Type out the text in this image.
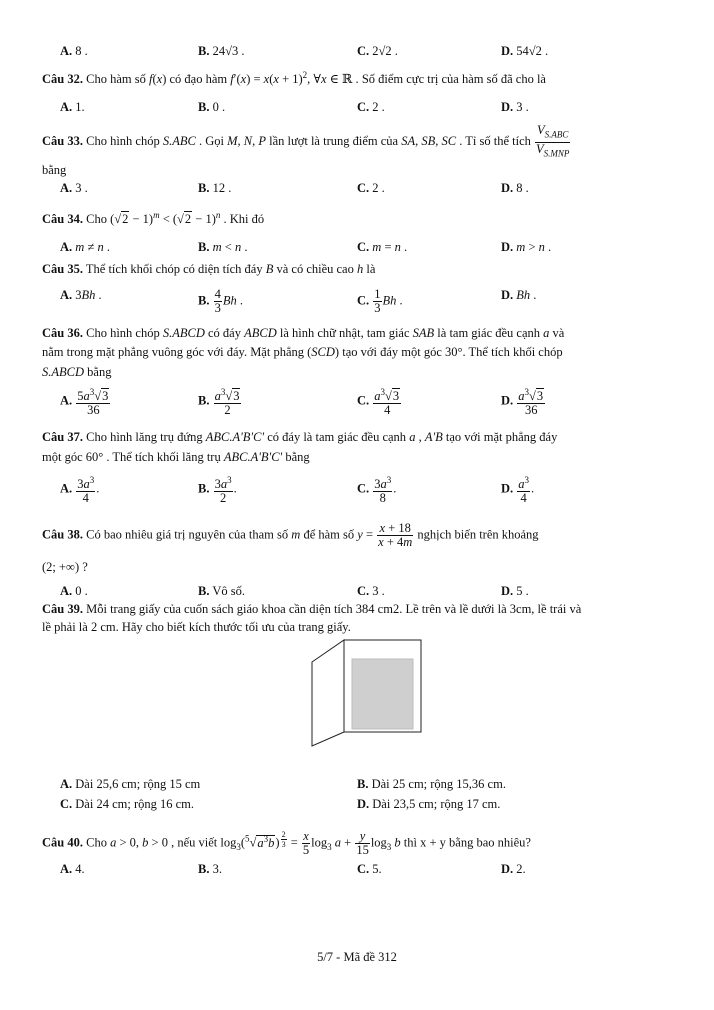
A. 8 .	B. 24√3 .	C. 2√2 .	D. 54√2 .
Câu 32. Cho hàm số f(x) có đạo hàm $f'(x) = x(x + 1)^2$, ∀x ∈ ℝ . Số điểm cực trị của hàm số đã cho là
A. 1.	B. 0 .	C. 2 .	D. 3 .
Câu 33. Cho hình chóp S.ABC . Gọi M, N, P lần lượt là trung điểm của SA, SB, SC . Tỉ số thể tích $\frac{V_{S.ABC}}{V_{S.MNP}}$
bằng
A. 3 .	B. 12 .	C. 2 .	D. 8 .
Câu 34. Cho $(√2 - 1)^m < (√2 - 1)^n$ . Khi đó
A. m ≠ n .	B. m < n .	C. m = n .	D. m > n .
Câu 35. Thể tích khối chóp có diện tích đáy B và có chiều cao h là
A. 3Bh .	B. $\frac{4}{3}$ Bh .	C. $\frac{1}{3}$ Bh .	D. Bh .
Câu 36. Cho hình chóp S.ABCD có đáy ABCD là hình chữ nhật, tam giác SAB là tam giác đều cạnh a và
nằm trong mặt phẳng vuông góc với đáy. Mặt phẳng (SCD) tạo với đáy một góc 30°. Thể tích khối chóp
S.ABCD bằng
A. $\frac{5a^3√3}{36}$	B. $\frac{a^3√3}{2}$	C. $\frac{a^3√3}{4}$	D. $\frac{a^3√3}{36}$
Câu 37. Cho hình lăng trụ đứng ABC.A'B'C' có đáy là tam giác đều cạnh a , A'B tạo với mặt phẳng đáy
một góc 60° . Thể tích khối lăng trụ ABC.A'B'C' bằng
A. $\frac{3a^3}{4}$ .	B. $\frac{3a^3}{2}$ .	C. $\frac{3a^3}{8}$ .	D. $\frac{a^3}{4}$ .
Câu 38. Có bao nhiêu giá trị nguyên của tham số m để hàm số $y = \frac{x + 18}{x + 4m}$ nghịch biến trên khoảng
(2; +∞) ?
A. 0 .	B. Vô số.	C. 3 .	D. 5 .
Câu 39. Mỗi trang giấy của cuốn sách giáo khoa cần diện tích 384 cm2. Lề trên và lề dưới là 3cm, lề trái và
lề phải là 2 cm. Hãy cho biết kích thước tối ưu của trang giấy.
A. Dài 25,6 cm; rộng 15 cm	B. Dài 25 cm; rộng 15,36 cm.
C. Dài 24 cm; rộng 16 cm.	D. Dài 23,5 cm; rộng 17 cm.
Câu 40. Cho a > 0, b > 0 , nếu viết $\log_3(^5√a^3b) ^{\frac{2}{3}} = \frac{x}{5} \log_3 a + \frac{y}{15} \log_3 b$ thì x + y bằng bao nhiêu?
A. 4.	B. 3.	C. 5.	D. 2.
5/7 - Mã đề 312
